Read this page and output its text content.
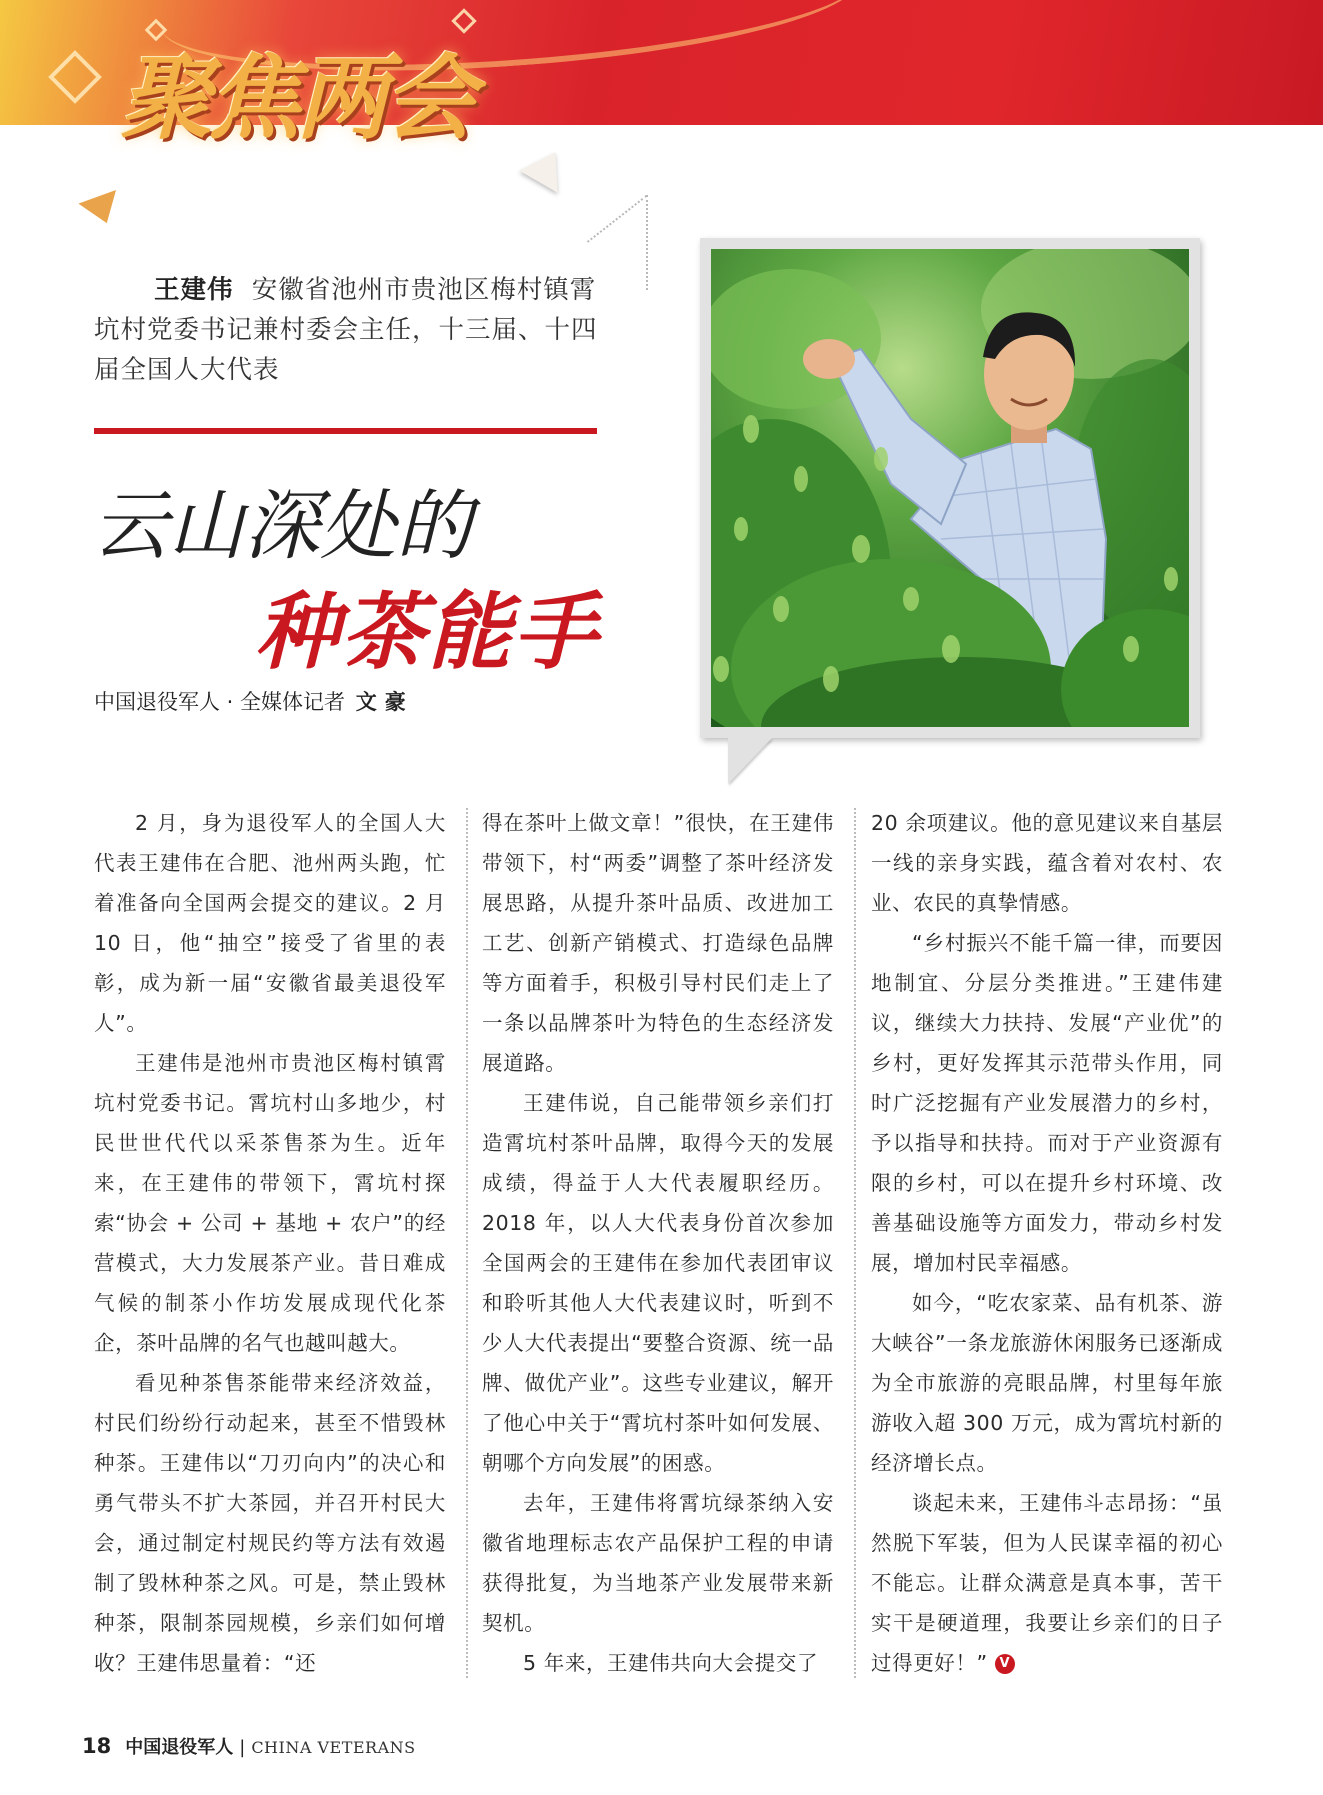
聚焦两会
王建伟 安徽省池州市贵池区梅村镇霄坑村党委书记兼村委会主任，十三届、十四届全国人大代表
云山深处的
种茶能手
中国退役军人 · 全媒体记者 文豪

2 月，身为退役军人的全国人大代表王建伟在合肥、池州两头跑，忙着准备向全国两会提交的建议。2 月 10 日，他“抽空”接受了省里的表彰，成为新一届“安徽省最美退役军人”。

王建伟是池州市贵池区梅村镇霄坑村党委书记。霄坑村山多地少，村民世世代代以采茶售茶为生。近年来，在王建伟的带领下，霄坑村探索“协会 + 公司 + 基地 + 农户”的经营模式，大力发展茶产业。昔日难成气候的制茶小作坊发展成现代化茶企，茶叶品牌的名气也越叫越大。

看见种茶售茶能带来经济效益，村民们纷纷行动起来，甚至不惜毁林种茶。王建伟以“刀刃向内”的决心和勇气带头不扩大茶园，并召开村民大会，通过制定村规民约等方法有效遏制了毁林种茶之风。可是，禁止毁林种茶，限制茶园规模，乡亲们如何增收？王建伟思量着：“还

得在茶叶上做文章！”很快，在王建伟带领下，村“两委”调整了茶叶经济发展思路，从提升茶叶品质、改进加工工艺、创新产销模式、打造绿色品牌等方面着手，积极引导村民们走上了一条以品牌茶叶为特色的生态经济发展道路。

王建伟说，自己能带领乡亲们打造霄坑村茶叶品牌，取得今天的发展成绩，得益于人大代表履职经历。2018 年，以人大代表身份首次参加全国两会的王建伟在参加代表团审议和聆听其他人大代表建议时，听到不少人大代表提出“要整合资源、统一品牌、做优产业”。这些专业建议，解开了他心中关于“霄坑村茶叶如何发展、朝哪个方向发展”的困惑。

去年，王建伟将霄坑绿茶纳入安徽省地理标志农产品保护工程的申请获得批复，为当地茶产业发展带来新契机。

5 年来，王建伟共向大会提交了

20 余项建议。他的意见建议来自基层一线的亲身实践，蕴含着对农村、农业、农民的真挚情感。

“乡村振兴不能千篇一律，而要因地制宜、分层分类推进。”王建伟建议，继续大力扶持、发展“产业优”的乡村，更好发挥其示范带头作用，同时广泛挖掘有产业发展潜力的乡村，予以指导和扶持。而对于产业资源有限的乡村，可以在提升乡村环境、改善基础设施等方面发力，带动乡村发展，增加村民幸福感。

如今，“吃农家菜、品有机茶、游大峡谷”一条龙旅游休闲服务已逐渐成为全市旅游的亮眼品牌，村里每年旅游收入超 300 万元，成为霄坑村新的经济增长点。

谈起未来，王建伟斗志昂扬：“虽然脱下军装，但为人民谋幸福的初心不能忘。让群众满意是真本事，苦干实干是硬道理，我要让乡亲们的日子过得更好！” V

18 中国退役军人 | CHINA VETERANS
